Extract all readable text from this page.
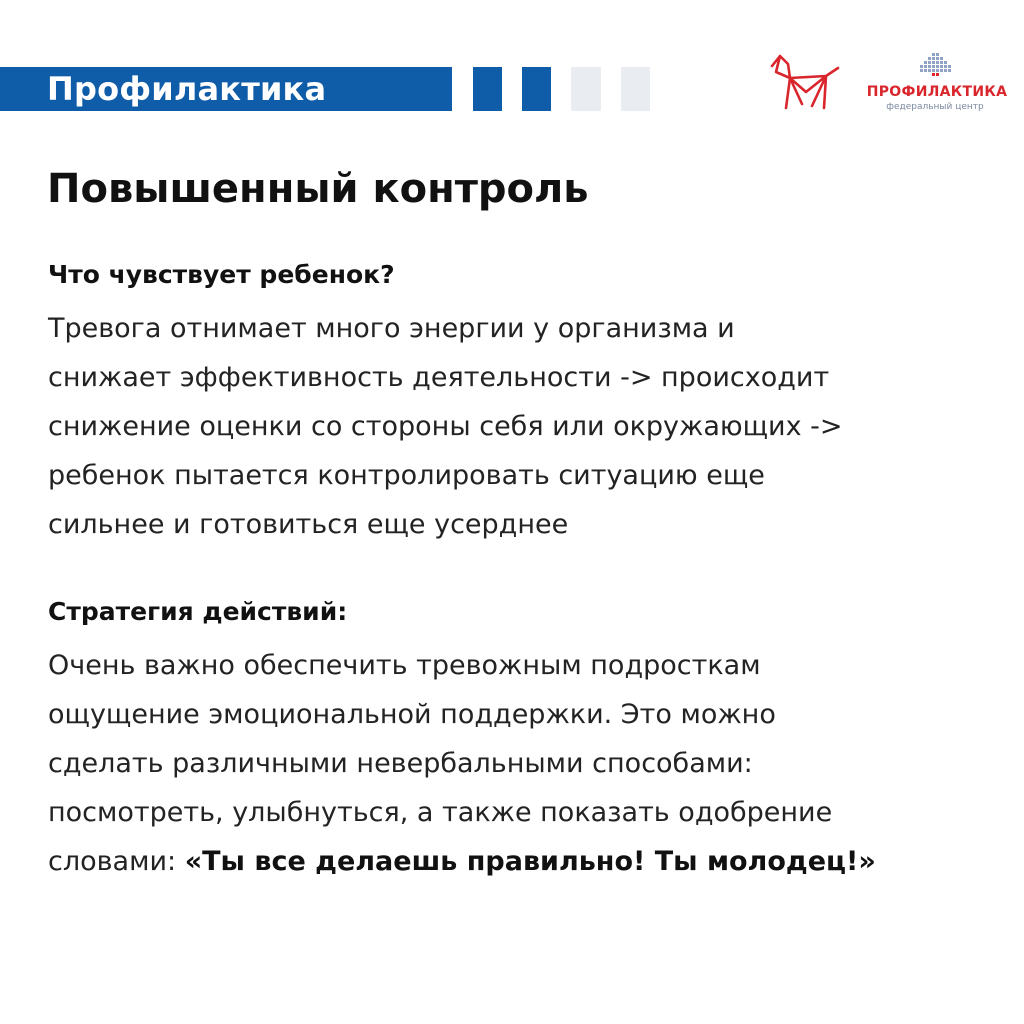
Профилактика	ПРОФИЛАКТИКА
федеральный центр
Повышенный контроль
Что чувствует ребенок?
Тревога отнимает много энергии у организма и
снижает эффективность деятельности -> происходит
снижение оценки со стороны себя или окружающих ->
ребенок пытается контролировать ситуацию еще
сильнее и готовиться еще усерднее
Стратегия действий:
Очень важно обеспечить тревожным подросткам
ощущение эмоциональной поддержки. Это можно
сделать различными невербальными способами:
посмотреть, улыбнуться, а также показать одобрение
словами: «Ты все делаешь правильно! Ты молодец!»
